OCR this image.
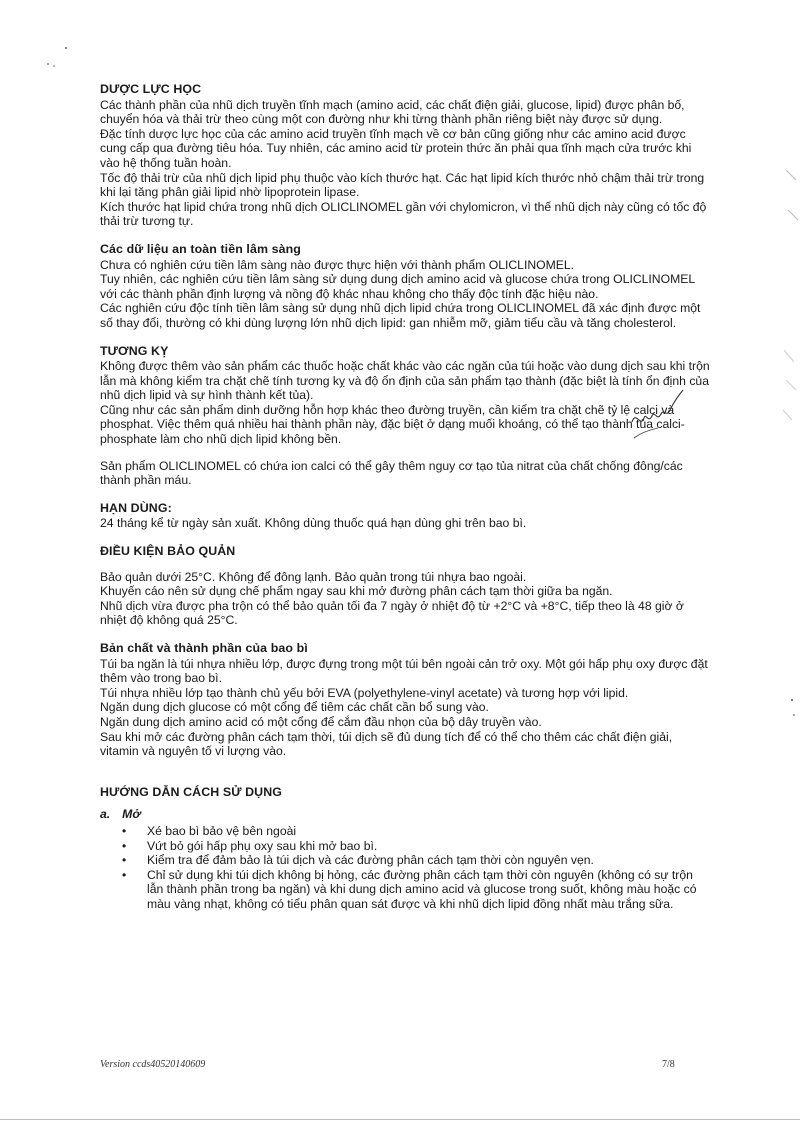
DƯỢC LỰC HỌC

Các thành phần của nhũ dịch truyền tĩnh mạch (amino acid, các chất điện giải, glucose, lipid) được phân bố, chuyển hóa và thải trừ theo cùng một con đường như khi từng thành phần riêng biệt này được sử dụng.

Đặc tính dược lực học của các amino acid truyền tĩnh mạch về cơ bản cũng giống như các amino acid được cung cấp qua đường tiêu hóa. Tuy nhiên, các amino acid từ protein thức ăn phải qua tĩnh mạch cửa trước khi vào hệ thống tuần hoàn.

Tốc độ thải trừ của nhũ dịch lipid phụ thuộc vào kích thước hạt. Các hạt lipid kích thước nhỏ chậm thải trừ trong khi lại tăng phân giải lipid nhờ lipoprotein lipase.

Kích thước hạt lipid chứa trong nhũ dịch OLICLINOMEL gần với chylomicron, vì thế nhũ dịch này cũng có tốc độ thải trừ tương tự.

Các dữ liệu an toàn tiền lâm sàng

Chưa có nghiên cứu tiền lâm sàng nào được thực hiện với thành phẩm OLICLINOMEL.

Tuy nhiên, các nghiên cứu tiền lâm sàng sử dụng dung dịch amino acid và glucose chứa trong OLICLINOMEL với các thành phần định lượng và nồng độ khác nhau không cho thấy độc tính đặc hiệu nào.

Các nghiên cứu độc tính tiền lâm sàng sử dụng nhũ dịch lipid chứa trong OLICLINOMEL đã xác định được một số thay đổi, thường có khi dùng lượng lớn nhũ dịch lipid: gan nhiễm mỡ, giảm tiểu cầu và tăng cholesterol.

TƯƠNG KỴ

Không được thêm vào sản phẩm các thuốc hoặc chất khác vào các ngăn của túi hoặc vào dung dịch sau khi trộn lẫn mà không kiểm tra chặt chẽ tính tương kỵ và độ ổn định của sản phẩm tạo thành (đặc biệt là tính ổn định của nhũ dịch lipid và sự hình thành kết tủa).

Cũng như các sản phẩm dinh dưỡng hỗn hợp khác theo đường truyền, cần kiểm tra chặt chẽ tỷ lệ calci và phosphat. Việc thêm quá nhiều hai thành phần này, đặc biệt ở dạng muối khoáng, có thể tạo thành tủa calci-phosphate làm cho nhũ dịch lipid không bền.

Sản phẩm OLICLINOMEL có chứa ion calci có thể gây thêm nguy cơ tạo tủa nitrat của chất chống đông/các thành phần máu.

HẠN DÙNG:

24 tháng kể từ ngày sản xuất. Không dùng thuốc quá hạn dùng ghi trên bao bì.

ĐIỀU KIỆN BẢO QUẢN

Bảo quản dưới 25°C. Không để đông lạnh. Bảo quản trong túi nhựa bao ngoài.

Khuyến cáo nên sử dụng chế phẩm ngay sau khi mở đường phân cách tạm thời giữa ba ngăn.

Nhũ dịch vừa được pha trộn có thể bảo quản tối đa 7 ngày ở nhiệt độ từ +2°C và +8°C, tiếp theo là 48 giờ ở nhiệt độ không quá 25°C.

Bản chất và thành phần của bao bì

Túi ba ngăn là túi nhựa nhiều lớp, được đựng trong một túi bên ngoài cản trở oxy. Một gói hấp phụ oxy được đặt thêm vào trong bao bì.

Túi nhựa nhiều lớp tạo thành chủ yếu bởi EVA (polyethylene-vinyl acetate) và tương hợp với lipid.

Ngăn dung dịch glucose có một cổng để tiêm các chất cần bổ sung vào.

Ngăn dung dịch amino acid có một cổng để cắm đầu nhọn của bộ dây truyền vào.

Sau khi mở các đường phân cách tạm thời, túi dịch sẽ đủ dung tích để có thể cho thêm các chất điện giải, vitamin và nguyên tố vi lượng vào.

HƯỚNG DẪN CÁCH SỬ DỤNG
a. Mở
• Xé bao bì bảo vệ bên ngoài
• Vứt bỏ gói hấp phụ oxy sau khi mở bao bì.
• Kiểm tra để đảm bảo là túi dịch và các đường phân cách tạm thời còn nguyên vẹn.
• Chỉ sử dụng khi túi dịch không bị hỏng, các đường phân cách tạm thời còn nguyên (không có sự trộn lẫn thành phần trong ba ngăn) và khi dung dịch amino acid và glucose trong suốt, không màu hoặc có màu vàng nhạt, không có tiểu phân quan sát được và khi nhũ dịch lipid đồng nhất màu trắng sữa.
Version ccds40520140609	7/8
